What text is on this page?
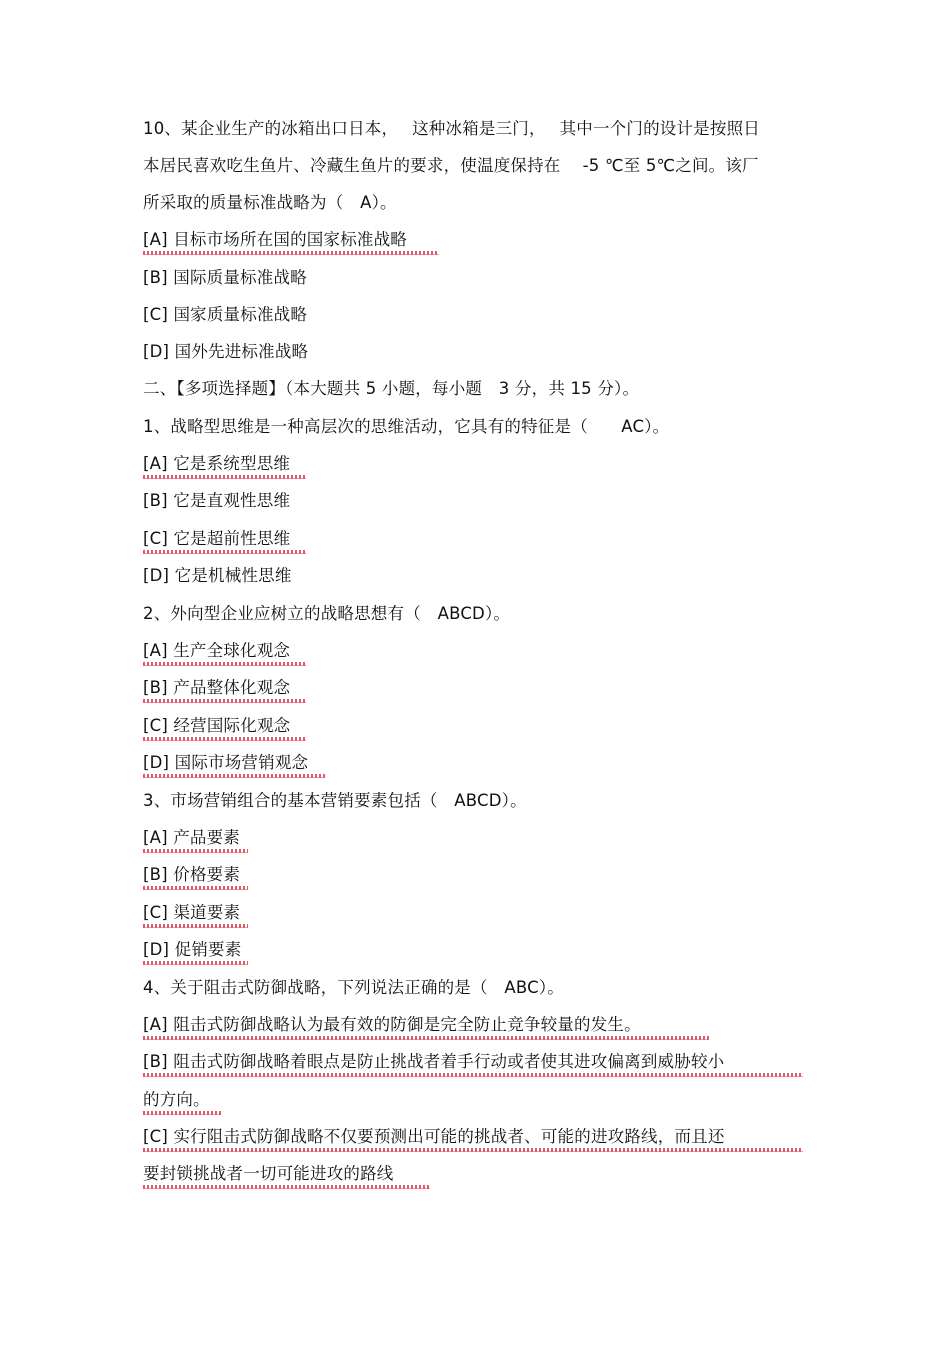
10、某企业生产的冰箱出口日本，　 这种冰箱是三门，　 其中一个门的设计是按照日
本居民喜欢吃生鱼片、冷藏生鱼片的要求，使温度保持在　 -5 ℃至 5℃之间。该厂
所采取的质量标准战略为（　A）。
[A] 目标市场所在国的国家标准战略
[B] 国际质量标准战略
[C] 国家质量标准战略
[D] 国外先进标准战略
二、【多项选择题】（本大题共 5 小题，每小题　3 分，共 15 分）。
1、战略型思维是一种高层次的思维活动，它具有的特征是（　　AC）。
[A] 它是系统型思维
[B] 它是直观性思维
[C] 它是超前性思维
[D] 它是机械性思维
2、外向型企业应树立的战略思想有（　ABCD）。
[A] 生产全球化观念
[B] 产品整体化观念
[C] 经营国际化观念
[D] 国际市场营销观念
3、市场营销组合的基本营销要素包括（　ABCD）。
[A] 产品要素
[B] 价格要素
[C] 渠道要素
[D] 促销要素
4、关于阻击式防御战略，下列说法正确的是（　ABC）。
[A] 阻击式防御战略认为最有效的防御是完全防止竞争较量的发生。
[B] 阻击式防御战略着眼点是防止挑战者着手行动或者使其进攻偏离到威胁较小
的方向。
[C] 实行阻击式防御战略不仅要预测出可能的挑战者、可能的进攻路线，而且还
要封锁挑战者一切可能进攻的路线
